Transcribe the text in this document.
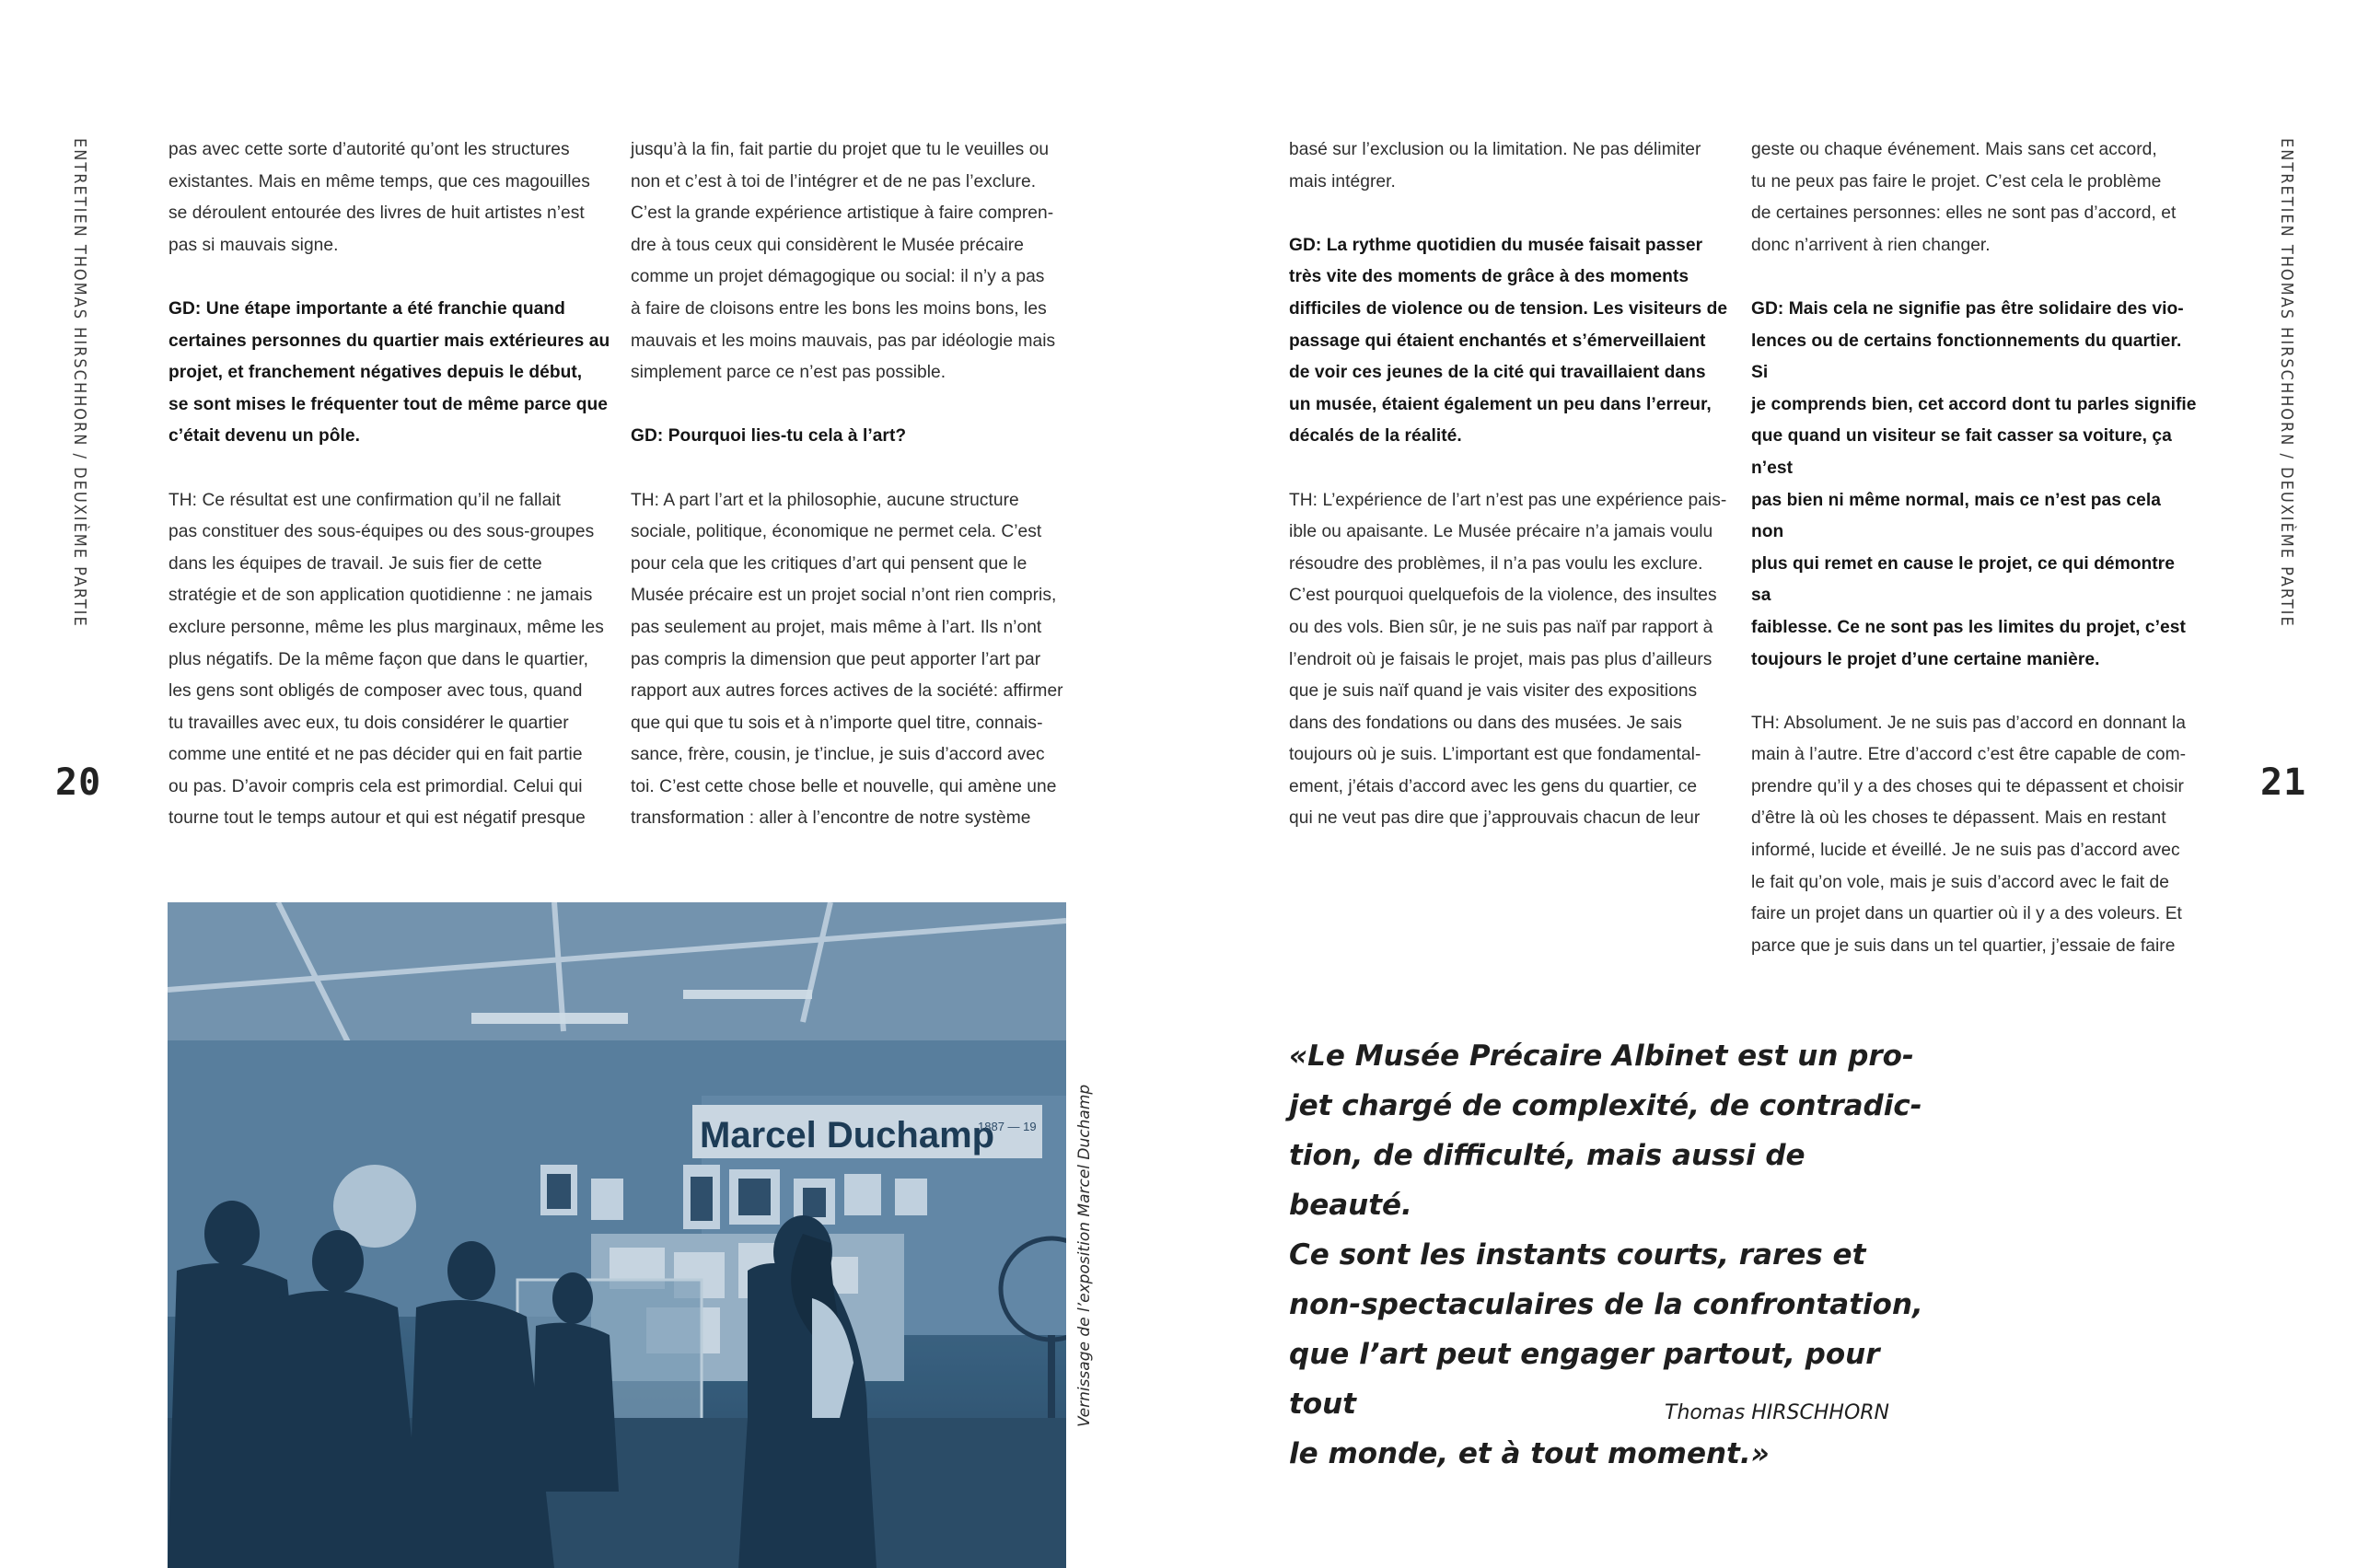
ENTRETIEN THOMAS HIRSCHHORN / DEUXIÈME PARTIE	ENTRETIEN THOMAS HIRSCHHORN / DEUXIÈME PARTIE
20	21

pas avec cette sorte d’autorité qu’ont les structures
existantes. Mais en même temps, que ces magouilles
se déroulent entourée des livres de huit artistes n’est
pas si mauvais signe.

GD: Une étape importante a été franchie quand
certaines personnes du quartier mais extérieures au
projet, et franchement négatives depuis le début,
se sont mises le fréquenter tout de même parce que
c’était devenu un pôle.

TH: Ce résultat est une confirmation qu’il ne fallait
pas constituer des sous-équipes ou des sous-groupes
dans les équipes de travail. Je suis fier de cette
stratégie et de son application quotidienne : ne jamais
exclure personne, même les plus marginaux, même les
plus négatifs. De la même façon que dans le quartier,
les gens sont obligés de composer avec tous, quand
tu travailles avec eux, tu dois considérer le quartier
comme une entité et ne pas décider qui en fait partie
ou pas. D’avoir compris cela est primordial. Celui qui
tourne tout le temps autour et qui est négatif presque

jusqu’à la fin, fait partie du projet que tu le veuilles ou
non et c’est à toi de l’intégrer et de ne pas l’exclure.
C’est la grande expérience artistique à faire compren-
dre à tous ceux qui considèrent le Musée précaire
comme un projet démagogique ou social: il n’y a pas
à faire de cloisons entre les bons les moins bons, les
mauvais et les moins mauvais, pas par idéologie mais
simplement parce ce n’est pas possible.

GD: Pourquoi lies-tu cela à l’art?

TH: A part l’art et la philosophie, aucune structure
sociale, politique, économique ne permet cela. C’est
pour cela que les critiques d’art qui pensent que le
Musée précaire est un projet social n’ont rien compris,
pas seulement au projet, mais même à l’art. Ils n’ont
pas compris la dimension que peut apporter l’art par
rapport aux autres forces actives de la société: affirmer
que qui que tu sois et à n’importe quel titre, connais-
sance, frère, cousin, je t’inclue, je suis d’accord avec
toi. C’est cette chose belle et nouvelle, qui amène une
transformation : aller à l’encontre de notre système

basé sur l’exclusion ou la limitation. Ne pas délimiter
mais intégrer.

GD: La rythme quotidien du musée faisait passer
très vite des moments de grâce à des moments
difficiles de violence ou de tension. Les visiteurs de
passage qui étaient enchantés et s’émerveillaient
de voir ces jeunes de la cité qui travaillaient dans
un musée, étaient également un peu dans l’erreur,
décalés de la réalité.

TH: L’expérience de l’art n’est pas une expérience pais-
ible ou apaisante. Le Musée précaire n’a jamais voulu
résoudre des problèmes, il n’a pas voulu les exclure.
C’est pourquoi quelquefois de la violence, des insultes
ou des vols. Bien sûr, je ne suis pas naïf par rapport à
l’endroit où je faisais le projet, mais pas plus d’ailleurs
que je suis naïf quand je vais visiter des expositions
dans des fondations ou dans des musées. Je sais
toujours où je suis. L’important est que fondamental-
ement, j’étais d’accord avec les gens du quartier, ce
qui ne veut pas dire que j’approuvais chacun de leur

geste ou chaque événement. Mais sans cet accord,
tu ne peux pas faire le projet. C’est cela le problème
de certaines personnes: elles ne sont pas d’accord, et
donc n’arrivent à rien changer.

GD: Mais cela ne signifie pas être solidaire des vio-
lences ou de certains fonctionnements du quartier. Si
je comprends bien, cet accord dont tu parles signifie
que quand un visiteur se fait casser sa voiture, ça n’est
pas bien ni même normal, mais ce n’est pas cela non
plus qui remet en cause le projet, ce qui démontre sa
faiblesse. Ce ne sont pas les limites du projet, c’est
toujours le projet d’une certaine manière.

TH: Absolument. Je ne suis pas d’accord en donnant la
main à l’autre. Etre d’accord c’est être capable de com-
prendre qu’il y a des choses qui te dépassent et choisir
d’être là où les choses te dépassent. Mais en restant
informé, lucide et éveillé. Je ne suis pas d’accord avec
le fait qu’on vole, mais je suis d’accord avec le fait de
faire un projet dans un quartier où il y a des voleurs. Et
parce que je suis dans un tel quartier, j’essaie de faire

Marcel Duchamp
1887 — 19 Vernissage de l’exposition Marcel Duchamp
«Le Musée Précaire Albinet est un pro-
jet chargé de complexité, de contradic-
tion, de difficulté, mais aussi de beauté.
Ce sont les instants courts, rares et
non-spectaculaires de la confrontation,
que l’art peut engager partout, pour tout
le monde, et à tout moment.»
Thomas HIRSCHHORN
